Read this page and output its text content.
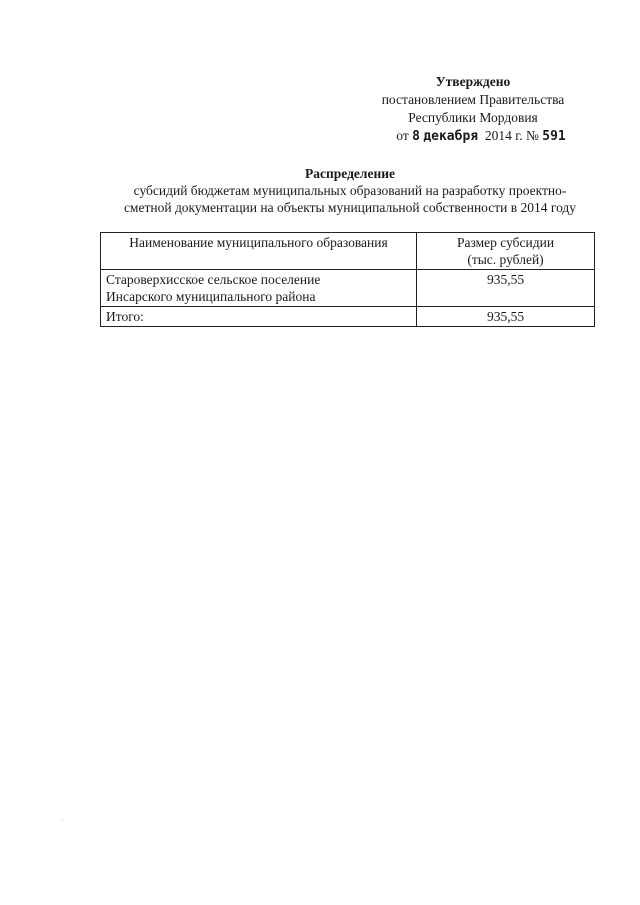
Утверждено
постановлением Правительства
Республики Мордовия
от 8 декабря 2014 г. № 591
Распределение
субсидий бюджетам муниципальных образований на разработку проектно-
сметной документации на объекты муниципальной собственности в 2014 году
Наименование муниципального образования	Размер субсидии
(тыс. рублей)

Староверхисское сельское поселение
Инсарского муниципального района	935,55
Итого:	935,55
